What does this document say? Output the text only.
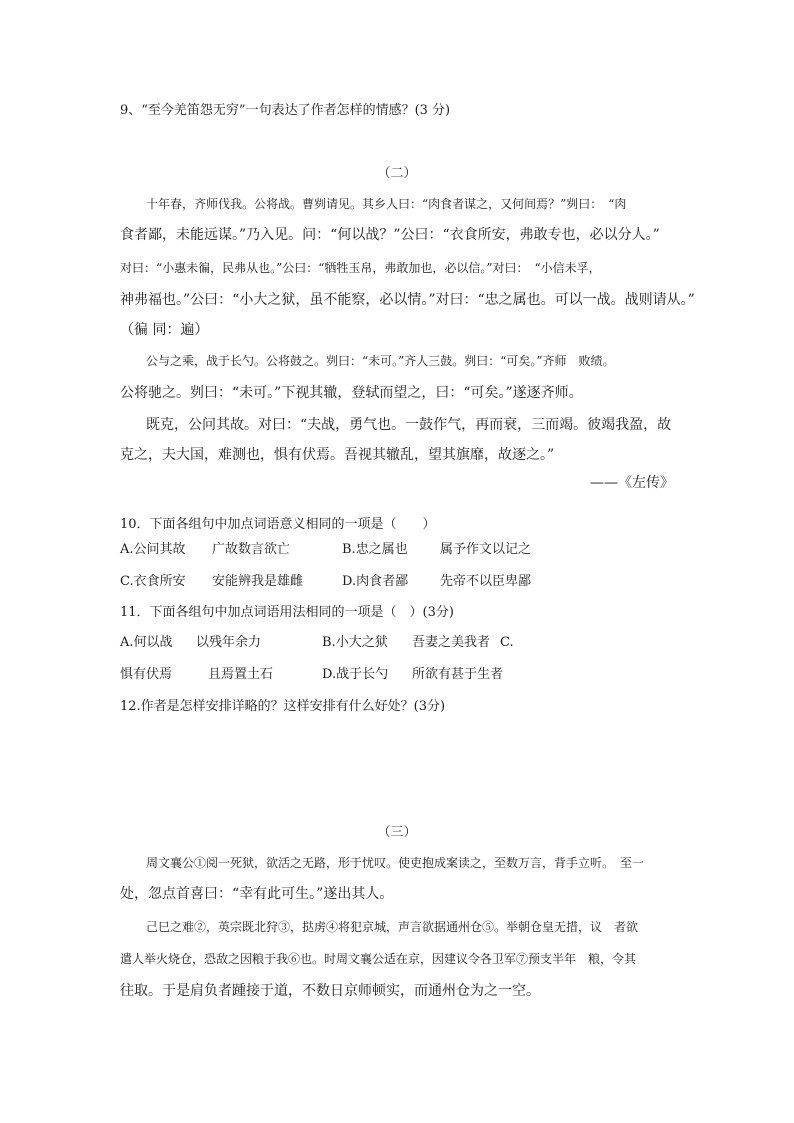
9、“至今羌笛怨无穷”一句表达了作者怎样的情感？(3 分)
（二）
十年春，齐师伐我。公将战。曹刿请见。其乡人曰：“肉食者谋之，又何间焉？”刿曰：　“肉
食者鄙，未能远谋。”乃入见。问：“何以战？”公曰：“衣食所安，弗敢专也，必以分人。”
对曰：“小惠未徧，民弗从也。”公曰：“牺牲玉帛，弗敢加也，必以信。”对曰：　“小信未孚，
神弗福也。”公曰：“小大之狱，虽不能察，必以情。”对曰：“忠之属也。可以一战。战则请从。”
（徧 同：遍）
公与之乘，战于长勺。公将鼓之。刿曰：“未可。”齐人三鼓。刿曰：“可矣。”齐师　败绩。
公将驰之。刿曰：“未可。”下视其辙，登轼而望之，曰：“可矣。”遂逐齐师。
既克，公问其故。对曰：“夫战，勇气也。一鼓作气，再而衰，三而竭。彼竭我盈，故
克之，夫大国，难测也，惧有伏焉。吾视其辙乱，望其旗靡，故逐之。”
——《左传》
10．下面各组句中加点词语意义相同的一项是（　　）
A.公问其故 广故数言欲亡	B.忠之属也 属予作文以记之
C.衣食所安 安能辨我是雄雌	D.肉食者鄙 先帝不以臣卑鄙
11．下面各组句中加点词语用法相同的一项是（　）(3分)
A.何以战 以残年余力	B.小大之狱 吾妻之美我者 C.
惧有伏焉	且焉置土石	D.战于长勺 所欲有甚于生者
12.作者是怎样安排详略的？这样安排有什么好处？(3分)
（三）
周文襄公①阅一死狱，欲活之无路，形于忧叹。使吏抱成案读之，至数万言，背手立听。　至一
处，忽点首喜曰：“幸有此可生。”遂出其人。
己巳之难②，英宗既北狩③，挞虏④将犯京城，声言欲据通州仓⑤。举朝仓皇无措，议　者欲
遣人举火烧仓，恐敌之因粮于我⑥也。时周文襄公适在京，因建议令各卫军⑦预支半年　粮，令其
往取。于是肩负者踵接于道，不数日京师顿实，而通州仓为之一空。
